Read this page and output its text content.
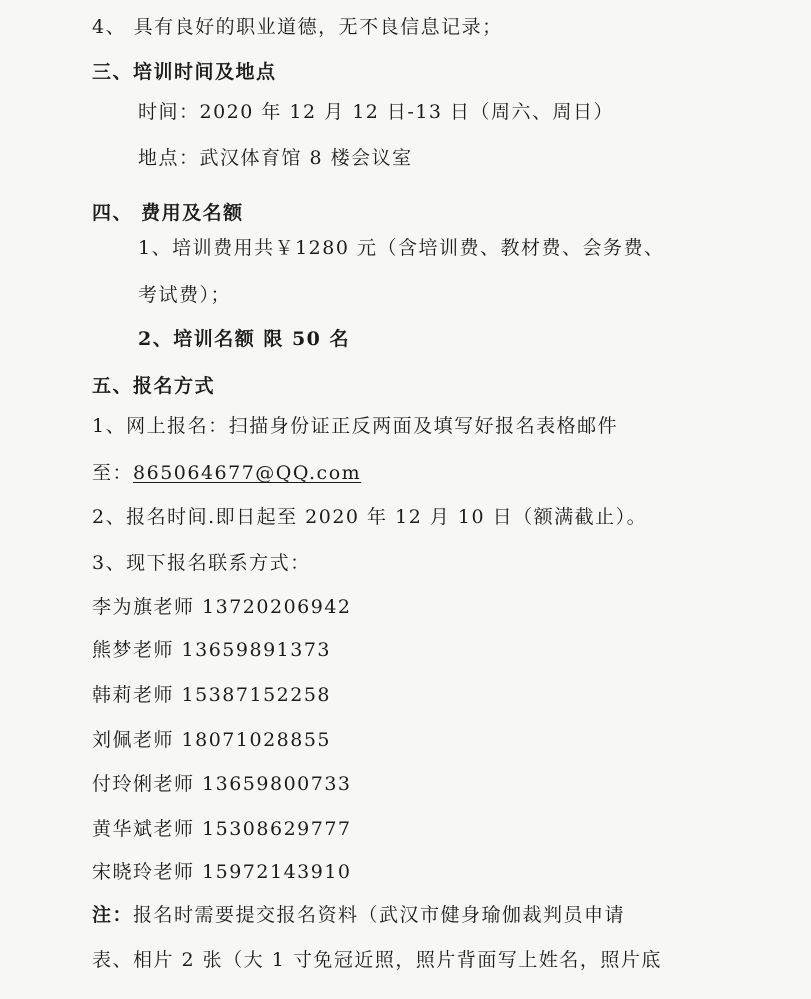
4、 具有良好的职业道德，无不良信息记录；
三、培训时间及地点
时间：2020 年 12 月 12 日-13 日（周六、周日）
地点：武汉体育馆 8 楼会议室
四、 费用及名额
1、培训费用共￥1280 元（含培训费、教材费、会务费、
考试费）；
2、培训名额 限 50 名
五、报名方式
1、网上报名：扫描身份证正反两面及填写好报名表格邮件
至：865064677@QQ.com
2、报名时间.即日起至 2020 年 12 月 10 日（额满截止）。
3、现下报名联系方式：
李为旗老师 13720206942
熊梦老师 13659891373
韩莉老师 15387152258
刘佩老师 18071028855
付玲俐老师 13659800733
黄华斌老师 15308629777
宋晓玲老师 15972143910
注：报名时需要提交报名资料（武汉市健身瑜伽裁判员申请
表、相片 2 张（大 1 寸免冠近照，照片背面写上姓名，照片底
